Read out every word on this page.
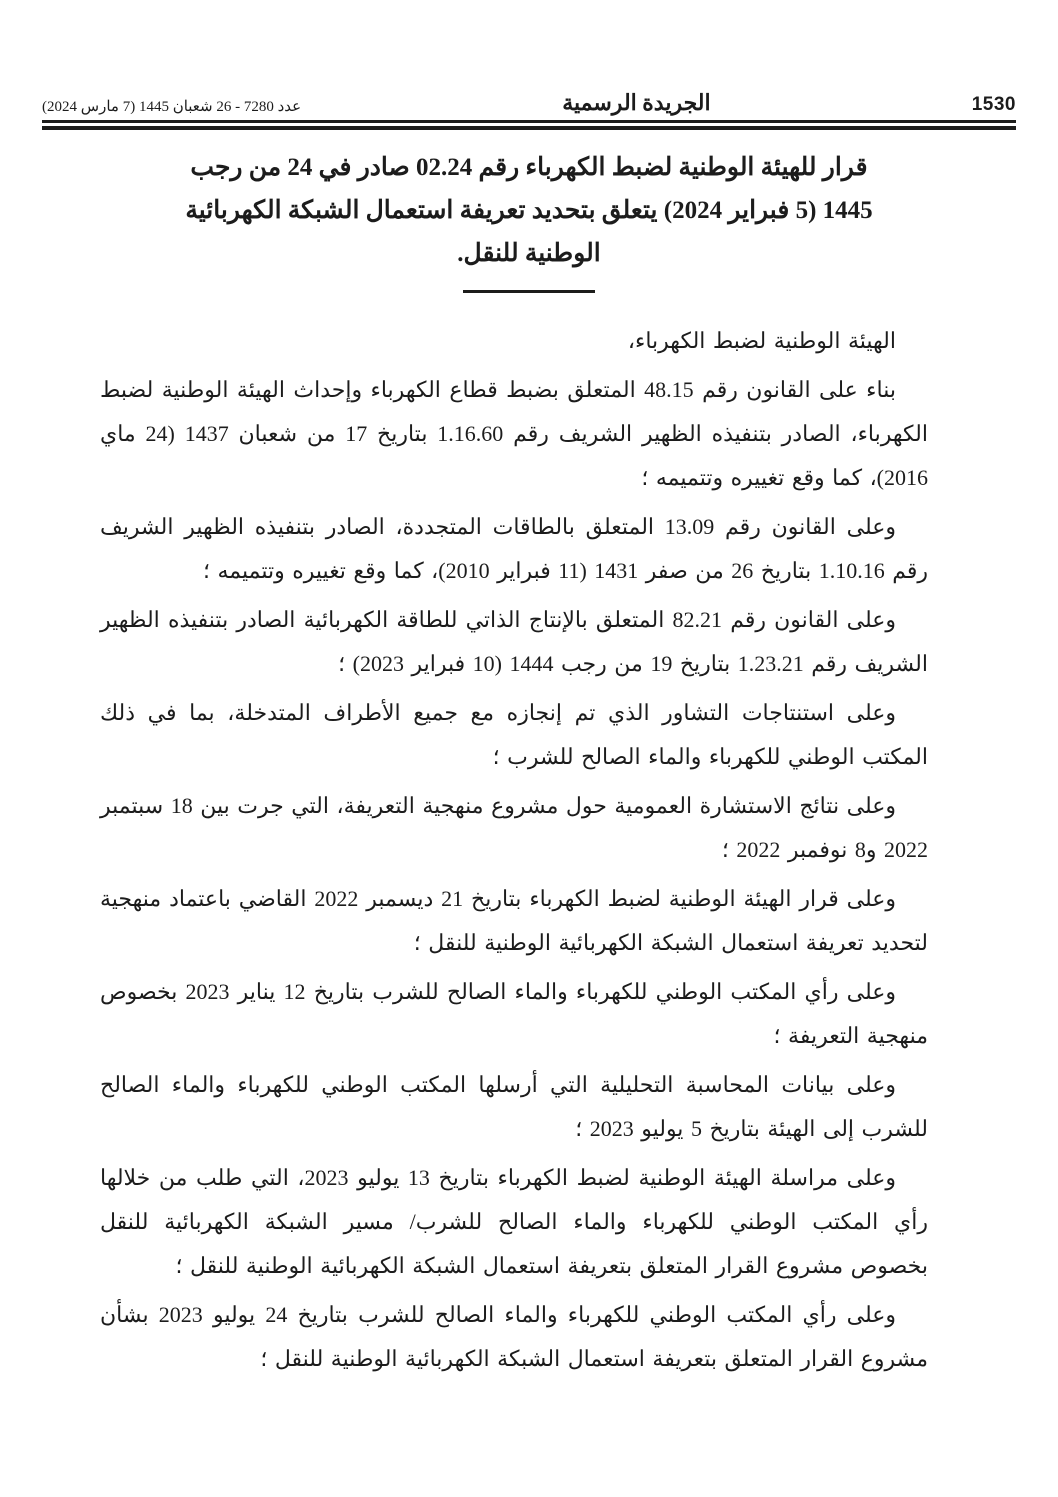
1530
الجريدة الرسمية
عدد 7280 - 26 شعبان 1445 (7 مارس 2024)
قرار للهيئة الوطنية لضبط الكهرباء رقم 02.24 صادر في 24 من رجب 1445 (5 فبراير 2024) يتعلق بتحديد تعريفة استعمال الشبكة الكهربائية الوطنية للنقل.

الهيئة الوطنية لضبط الكهرباء،

بناء على القانون رقم 48.15 المتعلق بضبط قطاع الكهرباء وإحداث الهيئة الوطنية لضبط الكهرباء، الصادر بتنفيذه الظهير الشريف رقم 1.16.60 بتاريخ 17 من شعبان 1437 (24 ماي 2016)، كما وقع تغييره وتتميمه ؛

وعلى القانون رقم 13.09 المتعلق بالطاقات المتجددة، الصادر بتنفيذه الظهير الشريف رقم 1.10.16 بتاريخ 26 من صفر 1431 (11 فبراير 2010)، كما وقع تغييره وتتميمه ؛

وعلى القانون رقم 82.21 المتعلق بالإنتاج الذاتي للطاقة الكهربائية الصادر بتنفيذه الظهير الشريف رقم 1.23.21 بتاريخ 19 من رجب 1444 (10 فبراير 2023) ؛

وعلى استنتاجات التشاور الذي تم إنجازه مع جميع الأطراف المتدخلة، بما في ذلك المكتب الوطني للكهرباء والماء الصالح للشرب ؛

وعلى نتائج الاستشارة العمومية حول مشروع منهجية التعريفة، التي جرت بين 18 سبتمبر 2022 و8 نوفمبر 2022 ؛

وعلى قرار الهيئة الوطنية لضبط الكهرباء بتاريخ 21 ديسمبر 2022 القاضي باعتماد منهجية لتحديد تعريفة استعمال الشبكة الكهربائية الوطنية للنقل ؛

وعلى رأي المكتب الوطني للكهرباء والماء الصالح للشرب بتاريخ 12 يناير 2023 بخصوص منهجية التعريفة ؛

وعلى بيانات المحاسبة التحليلية التي أرسلها المكتب الوطني للكهرباء والماء الصالح للشرب إلى الهيئة بتاريخ 5 يوليو 2023 ؛

وعلى مراسلة الهيئة الوطنية لضبط الكهرباء بتاريخ 13 يوليو 2023، التي طلب من خلالها رأي المكتب الوطني للكهرباء والماء الصالح للشرب/ مسير الشبكة الكهربائية للنقل بخصوص مشروع القرار المتعلق بتعريفة استعمال الشبكة الكهربائية الوطنية للنقل ؛

وعلى رأي المكتب الوطني للكهرباء والماء الصالح للشرب بتاريخ 24 يوليو 2023 بشأن مشروع القرار المتعلق بتعريفة استعمال الشبكة الكهربائية الوطنية للنقل ؛
